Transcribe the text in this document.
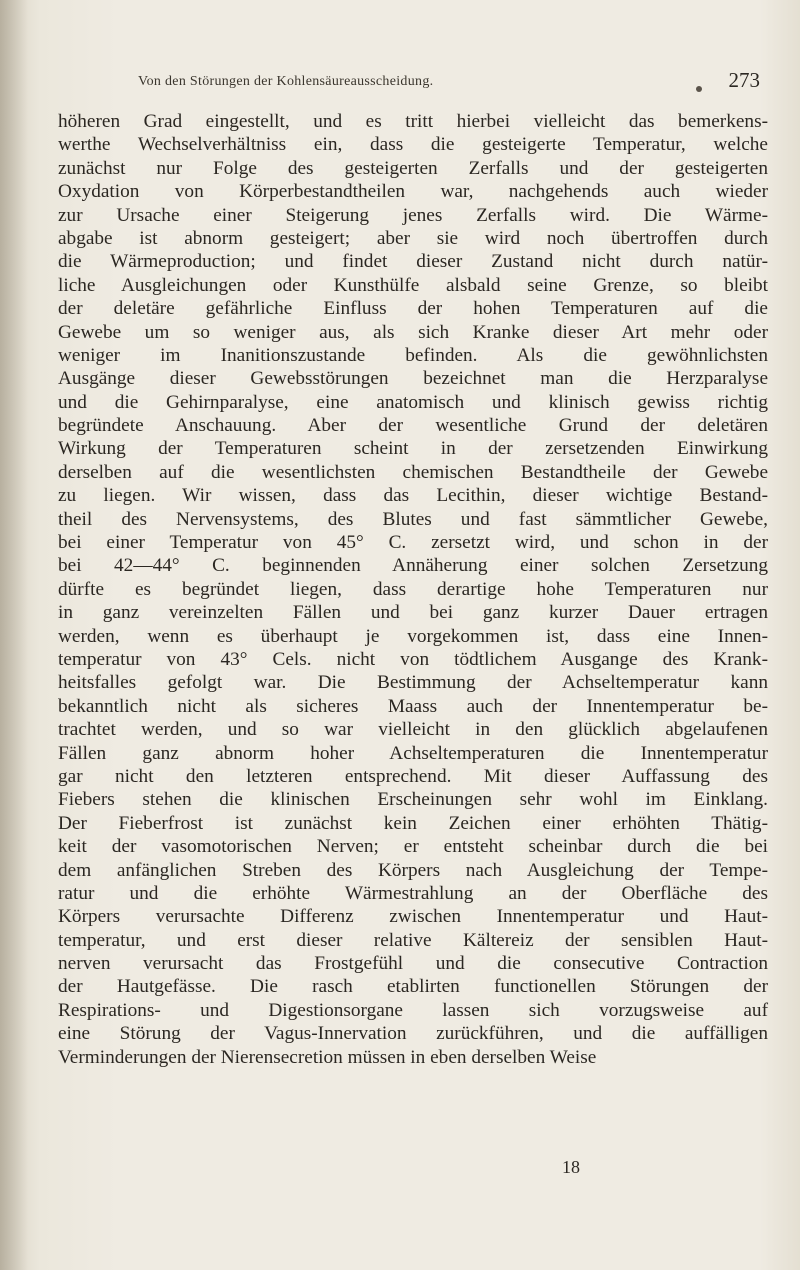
Von den Störungen der Kohlensäureausscheidung.	273
höheren Grad eingestellt, und es tritt hierbei vielleicht das bemerkens-
werthe Wechselverhältniss ein, dass die gesteigerte Temperatur, welche
zunächst nur Folge des gesteigerten Zerfalls und der gesteigerten
Oxydation von Körperbestandtheilen war, nachgehends auch wieder
zur Ursache einer Steigerung jenes Zerfalls wird. Die Wärme-
abgabe ist abnorm gesteigert; aber sie wird noch übertroffen durch
die Wärmeproduction; und findet dieser Zustand nicht durch natür-
liche Ausgleichungen oder Kunsthülfe alsbald seine Grenze, so bleibt
der deletäre gefährliche Einfluss der hohen Temperaturen auf die
Gewebe um so weniger aus, als sich Kranke dieser Art mehr oder
weniger im Inanitionszustande befinden. Als die gewöhnlichsten
Ausgänge dieser Gewebsstörungen bezeichnet man die Herzparalyse
und die Gehirnparalyse, eine anatomisch und klinisch gewiss richtig
begründete Anschauung. Aber der wesentliche Grund der deletären
Wirkung der Temperaturen scheint in der zersetzenden Einwirkung
derselben auf die wesentlichsten chemischen Bestandtheile der Gewebe
zu liegen. Wir wissen, dass das Lecithin, dieser wichtige Bestand-
theil des Nervensystems, des Blutes und fast sämmtlicher Gewebe,
bei einer Temperatur von 45° C. zersetzt wird, und schon in der
bei 42—44° C. beginnenden Annäherung einer solchen Zersetzung
dürfte es begründet liegen, dass derartige hohe Temperaturen nur
in ganz vereinzelten Fällen und bei ganz kurzer Dauer ertragen
werden, wenn es überhaupt je vorgekommen ist, dass eine Innen-
temperatur von 43° Cels. nicht von tödtlichem Ausgange des Krank-
heitsfalles gefolgt war. Die Bestimmung der Achseltemperatur kann
bekanntlich nicht als sicheres Maass auch der Innentemperatur be-
trachtet werden, und so war vielleicht in den glücklich abgelaufenen
Fällen ganz abnorm hoher Achseltemperaturen die Innentemperatur
gar nicht den letzteren entsprechend. Mit dieser Auffassung des
Fiebers stehen die klinischen Erscheinungen sehr wohl im Einklang.
Der Fieberfrost ist zunächst kein Zeichen einer erhöhten Thätig-
keit der vasomotorischen Nerven; er entsteht scheinbar durch die bei
dem anfänglichen Streben des Körpers nach Ausgleichung der Tempe-
ratur und die erhöhte Wärmestrahlung an der Oberfläche des
Körpers verursachte Differenz zwischen Innentemperatur und Haut-
temperatur, und erst dieser relative Kältereiz der sensiblen Haut-
nerven verursacht das Frostgefühl und die consecutive Contraction
der Hautgefässe. Die rasch etablirten functionellen Störungen der
Respirations- und Digestionsorgane lassen sich vorzugsweise auf
eine Störung der Vagus-Innervation zurückführen, und die auffälligen
Verminderungen der Nierensecretion müssen in eben derselben Weise
18
